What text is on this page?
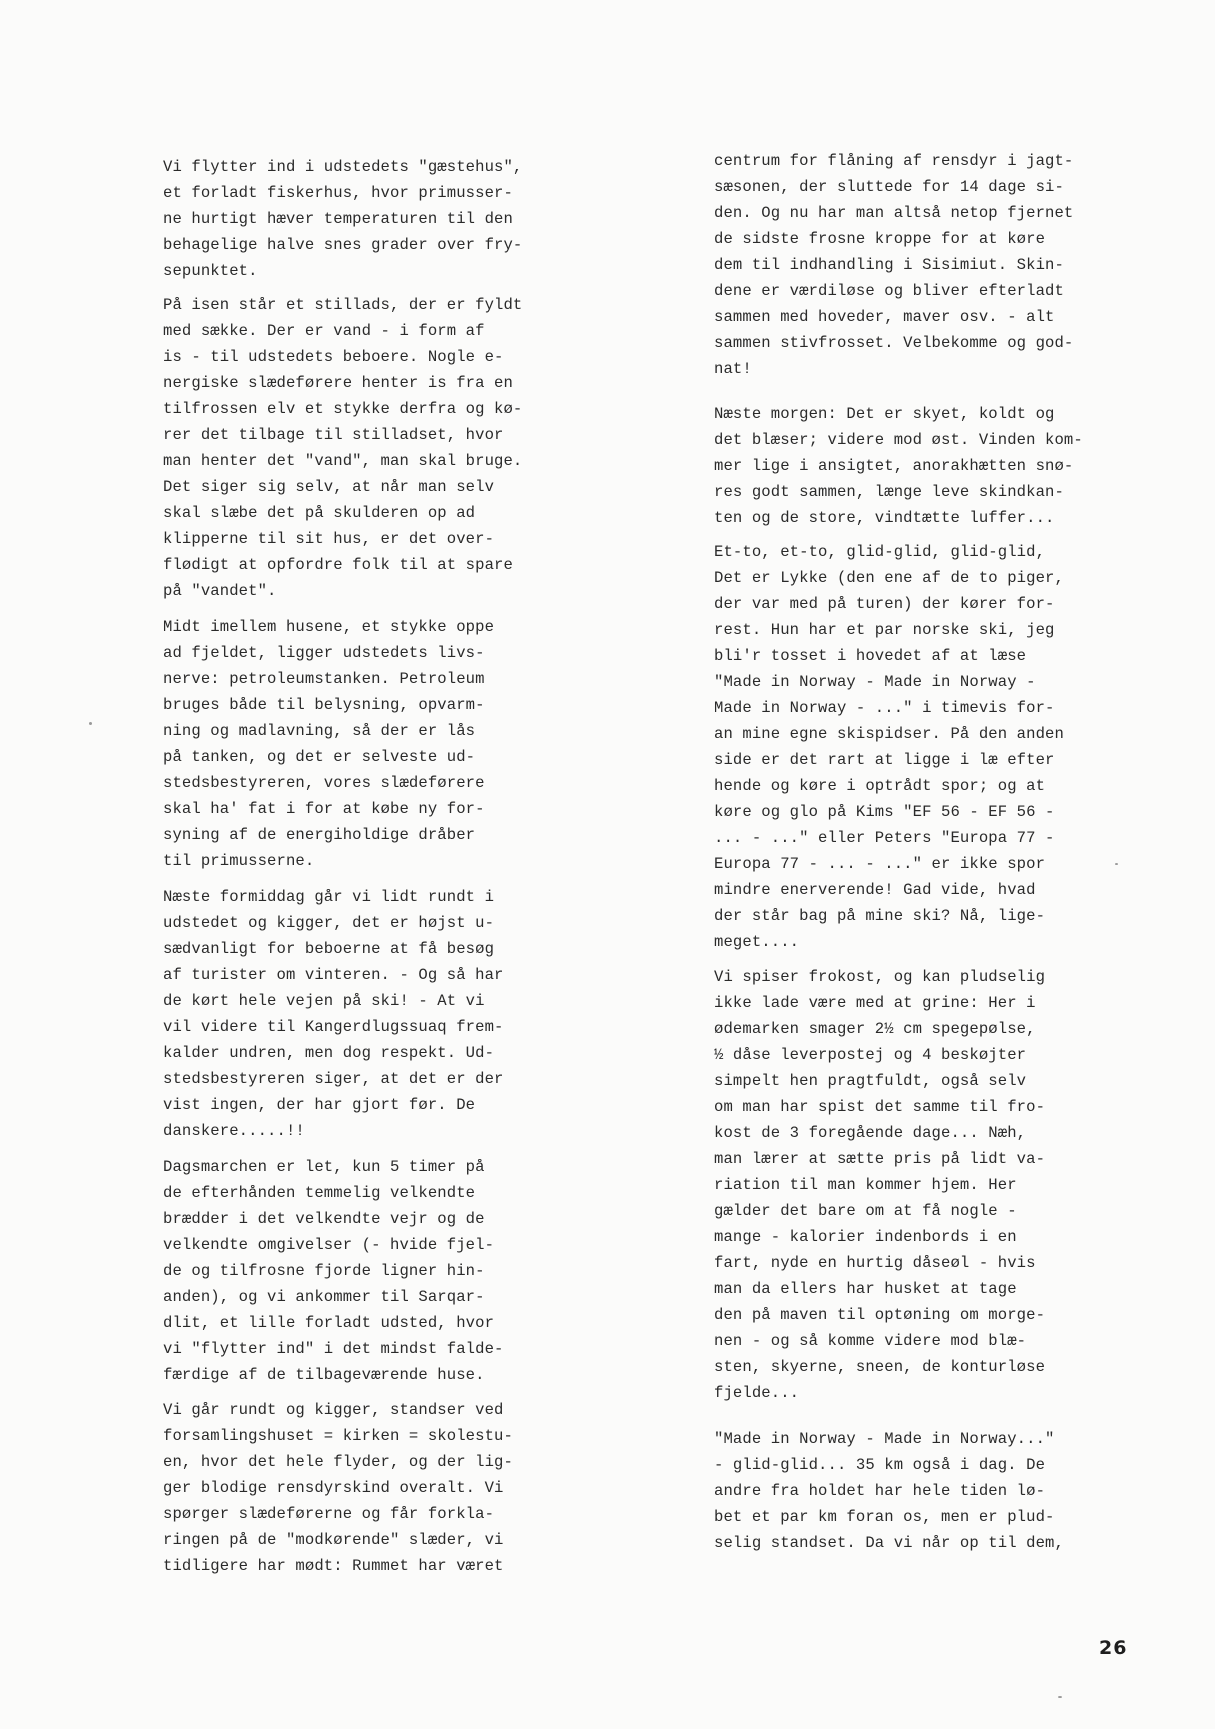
Vi flytter ind i udstedets "gæstehus",
et forladt fiskerhus, hvor primusser-
ne hurtigt hæver temperaturen til den
behagelige halve snes grader over fry-
sepunktet.
På isen står et stillads, der er fyldt
med sække. Der er vand - i form af
is - til udstedets beboere. Nogle e-
nergiske slædeførere henter is fra en
tilfrossen elv et stykke derfra og kø-
rer det tilbage til stilladset, hvor
man henter det "vand", man skal bruge.
Det siger sig selv, at når man selv
skal slæbe det på skulderen op ad
klipperne til sit hus, er det over-
flødigt at opfordre folk til at spare
på "vandet".
Midt imellem husene, et stykke oppe
ad fjeldet, ligger udstedets livs-
nerve: petroleumstanken. Petroleum
bruges både til belysning, opvarm-
ning og madlavning, så der er lås
på tanken, og det er selveste ud-
stedsbestyreren, vores slædeførere
skal ha' fat i for at købe ny for-
syning af de energiholdige dråber
til primusserne.
Næste formiddag går vi lidt rundt i
udstedet og kigger, det er højst u-
sædvanligt for beboerne at få besøg
af turister om vinteren. - Og så har
de kørt hele vejen på ski! - At vi
vil videre til Kangerdlugssuaq frem-
kalder undren, men dog respekt. Ud-
stedsbestyreren siger, at det er der
vist ingen, der har gjort før. De
danskere.....!!
Dagsmarchen er let, kun 5 timer på
de efterhånden temmelig velkendte
brædder i det velkendte vejr og de
velkendte omgivelser (- hvide fjel-
de og tilfrosne fjorde ligner hin-
anden), og vi ankommer til Sarqar-
dlit, et lille forladt udsted, hvor
vi "flytter ind" i det mindst falde-
færdige af de tilbageværende huse.
Vi går rundt og kigger, standser ved
forsamlingshuset = kirken = skolestu-
en, hvor det hele flyder, og der lig-
ger blodige rensdyrskind overalt. Vi
spørger slædeførerne og får forkla-
ringen på de "modkørende" slæder, vi
tidligere har mødt: Rummet har været
centrum for flåning af rensdyr i jagt-
sæsonen, der sluttede for 14 dage si-
den. Og nu har man altså netop fjernet
de sidste frosne kroppe for at køre
dem til indhandling i Sisimiut. Skin-
dene er værdiløse og bliver efterladt
sammen med hoveder, maver osv. - alt
sammen stivfrosset. Velbekomme og god-
nat!
Næste morgen: Det er skyet, koldt og
det blæser; videre mod øst. Vinden kom-
mer lige i ansigtet, anorakhætten snø-
res godt sammen, længe leve skindkan-
ten og de store, vindtætte luffer...
Et-to, et-to, glid-glid, glid-glid,
Det er Lykke (den ene af de to piger,
der var med på turen) der kører for-
rest. Hun har et par norske ski, jeg
bli'r tosset i hovedet af at læse
"Made in Norway - Made in Norway -
Made in Norway - ..." i timevis for-
an mine egne skispidser. På den anden
side er det rart at ligge i læ efter
hende og køre i optrådt spor; og at
køre og glo på Kims "EF 56 - EF 56 -
... - ..." eller Peters "Europa 77 -
Europa 77 - ... - ..." er ikke spor
mindre enerverende! Gad vide, hvad
der står bag på mine ski? Nå, lige-
meget....
Vi spiser frokost, og kan pludselig
ikke lade være med at grine: Her i
ødemarken smager 2½ cm spegepølse,
½ dåse leverpostej og 4 beskøjter
simpelt hen pragtfuldt, også selv
om man har spist det samme til fro-
kost de 3 foregående dage... Næh,
man lærer at sætte pris på lidt va-
riation til man kommer hjem. Her
gælder det bare om at få nogle -
mange - kalorier indenbords i en
fart, nyde en hurtig dåseøl - hvis
man da ellers har husket at tage
den på maven til optøning om morge-
nen - og så komme videre mod blæ-
sten, skyerne, sneen, de konturløse
fjelde...
"Made in Norway - Made in Norway..."
- glid-glid... 35 km også i dag. De
andre fra holdet har hele tiden lø-
bet et par km foran os, men er plud-
selig standset. Da vi når op til dem,
26
